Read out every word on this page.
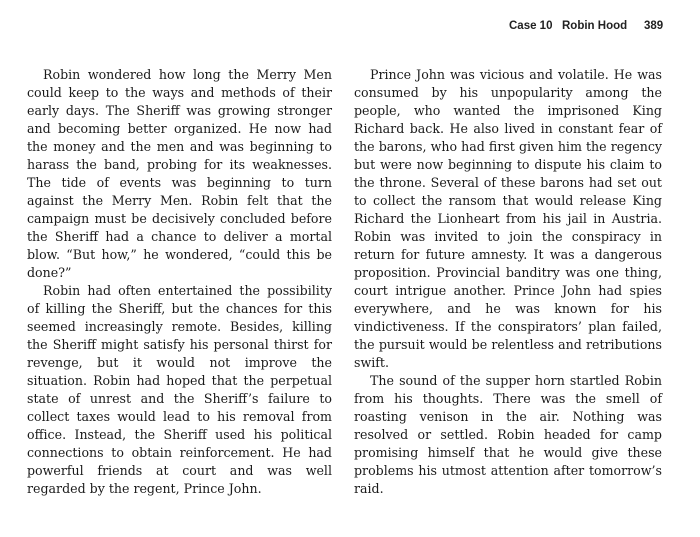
Case 10 Robin Hood 389

Robin wondered how long the Merry Men could keep to the ways and methods of their early days. The Sheriff was growing stronger and becoming better organized. He now had the money and the men and was beginning to harass the band, probing for its weaknesses. The tide of events was beginning to turn against the Merry Men. Robin felt that the campaign must be decisively concluded before the Sheriff had a chance to deliver a mortal blow. “But how,” he wondered, “could this be done?”

Robin had often entertained the possibility of killing the Sheriff, but the chances for this seemed increasingly remote. Besides, killing the Sheriff might satisfy his personal thirst for revenge, but it would not improve the situation. Robin had hoped that the perpetual state of unrest and the Sheriff’s failure to collect taxes would lead to his removal from office. Instead, the Sheriff used his political connections to obtain reinforcement. He had powerful friends at court and was well regarded by the regent, Prince John.

Prince John was vicious and volatile. He was consumed by his unpopularity among the people, who wanted the imprisoned King Richard back. He also lived in constant fear of the barons, who had first given him the regency but were now beginning to dispute his claim to the throne. Several of these barons had set out to collect the ransom that would release King Richard the Lionheart from his jail in Austria. Robin was invited to join the conspiracy in return for future amnesty. It was a dangerous proposition. Provincial banditry was one thing, court intrigue another. Prince John had spies everywhere, and he was known for his vindictiveness. If the conspirators’ plan failed, the pursuit would be relentless and retributions swift.

The sound of the supper horn startled Robin from his thoughts. There was the smell of roasting venison in the air. Nothing was resolved or settled. Robin headed for camp promising himself that he would give these problems his utmost attention after tomorrow’s raid.
